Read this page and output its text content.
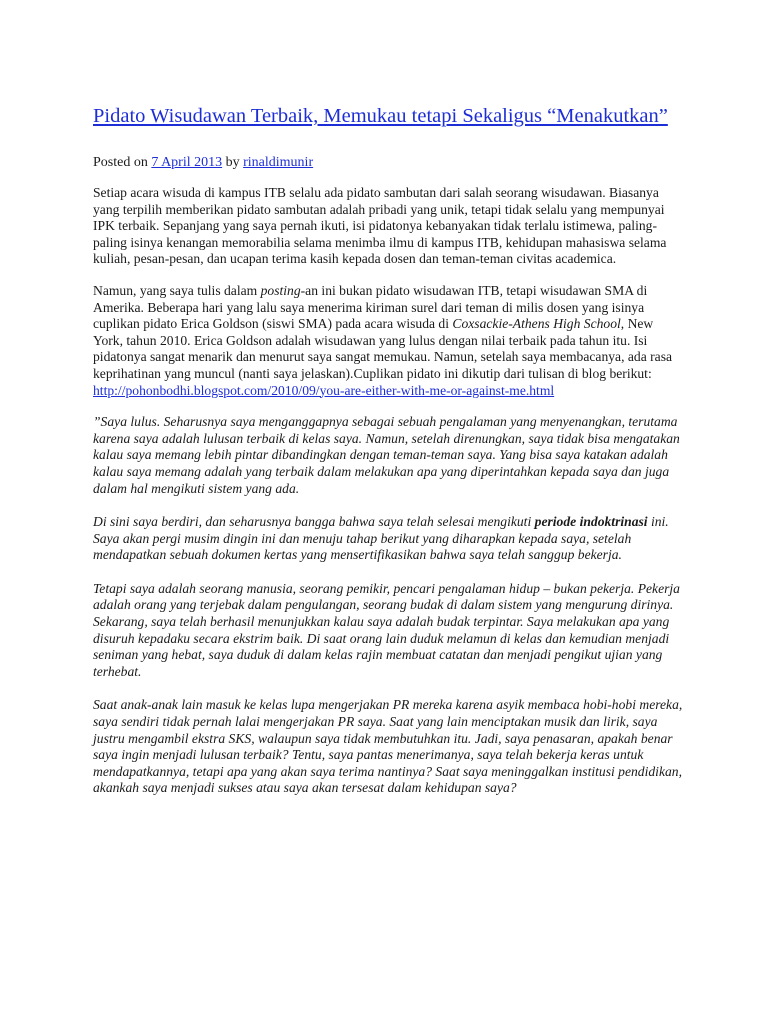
Pidato Wisudawan Terbaik, Memukau tetapi Sekaligus “Menakutkan”

Posted on 7 April 2013 by rinaldimunir

Setiap acara wisuda di kampus ITB selalu ada pidato sambutan dari salah seorang wisudawan. Biasanya yang terpilih memberikan pidato sambutan adalah pribadi yang unik, tetapi tidak selalu yang mempunyai IPK terbaik. Sepanjang yang saya pernah ikuti, isi pidatonya kebanyakan tidak terlalu istimewa, paling-paling isinya kenangan memorabilia selama menimba ilmu di kampus ITB, kehidupan mahasiswa selama kuliah, pesan-pesan, dan ucapan terima kasih kepada dosen dan teman-teman civitas academica.

Namun, yang saya tulis dalam posting-an ini bukan pidato wisudawan ITB, tetapi wisudawan SMA di Amerika. Beberapa hari yang lalu saya menerima kiriman surel dari teman di milis dosen yang isinya cuplikan pidato Erica Goldson (siswi SMA) pada acara wisuda di Coxsackie-Athens High School, New York, tahun 2010. Erica Goldson adalah wisudawan yang lulus dengan nilai terbaik pada tahun itu. Isi pidatonya sangat menarik dan menurut saya sangat memukau. Namun, setelah saya membacanya, ada rasa keprihatinan yang muncul (nanti saya jelaskan).Cuplikan pidato ini dikutip dari tulisan di blog berikut: http://pohonbodhi.blogspot.com/2010/09/you-are-either-with-me-or-against-me.html

”Saya lulus. Seharusnya saya menganggapnya sebagai sebuah pengalaman yang menyenangkan, terutama karena saya adalah lulusan terbaik di kelas saya. Namun, setelah direnungkan, saya tidak bisa mengatakan kalau saya memang lebih pintar dibandingkan dengan teman-teman saya. Yang bisa saya katakan adalah kalau saya memang adalah yang terbaik dalam melakukan apa yang diperintahkan kepada saya dan juga dalam hal mengikuti sistem yang ada.

Di sini saya berdiri, dan seharusnya bangga bahwa saya telah selesai mengikuti periode indoktrinasi ini. Saya akan pergi musim dingin ini dan menuju tahap berikut yang diharapkan kepada saya, setelah mendapatkan sebuah dokumen kertas yang mensertifikasikan bahwa saya telah sanggup bekerja.

Tetapi saya adalah seorang manusia, seorang pemikir, pencari pengalaman hidup – bukan pekerja. Pekerja adalah orang yang terjebak dalam pengulangan, seorang budak di dalam sistem yang mengurung dirinya. Sekarang, saya telah berhasil menunjukkan kalau saya adalah budak terpintar. Saya melakukan apa yang disuruh kepadaku secara ekstrim baik. Di saat orang lain duduk melamun di kelas dan kemudian menjadi seniman yang hebat, saya duduk di dalam kelas rajin membuat catatan dan menjadi pengikut ujian yang terhebat.

Saat anak-anak lain masuk ke kelas lupa mengerjakan PR mereka karena asyik membaca hobi-hobi mereka, saya sendiri tidak pernah lalai mengerjakan PR saya. Saat yang lain menciptakan musik dan lirik, saya justru mengambil ekstra SKS, walaupun saya tidak membutuhkan itu. Jadi, saya penasaran, apakah benar saya ingin menjadi lulusan terbaik? Tentu, saya pantas menerimanya, saya telah bekerja keras untuk mendapatkannya, tetapi apa yang akan saya terima nantinya? Saat saya meninggalkan institusi pendidikan, akankah saya menjadi sukses atau saya akan tersesat dalam kehidupan saya?
